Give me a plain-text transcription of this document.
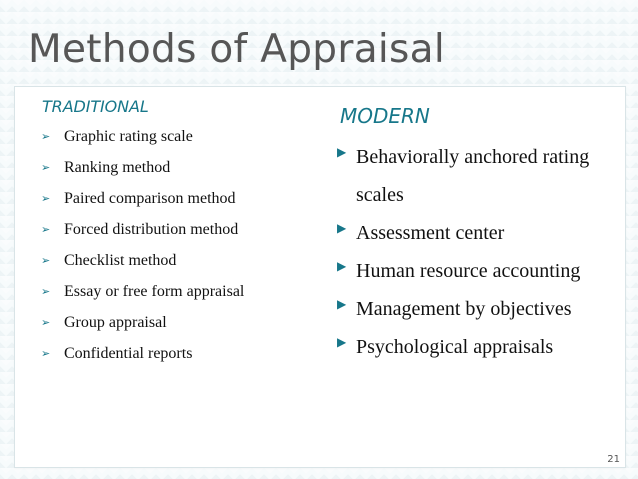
Methods of Appraisal
TRADITIONAL	MODERN
➢ Graphic rating scale
➢ Ranking method
➢ Paired comparison method
➢ Forced distribution method
➢ Checklist method
➢ Essay or free form appraisal
➢ Group appraisal
➢ Confidential reports
▶ Behaviorally anchored rating scales
▶ Assessment center
▶ Human resource accounting
▶ Management by objectives
▶ Psychological appraisals
21
